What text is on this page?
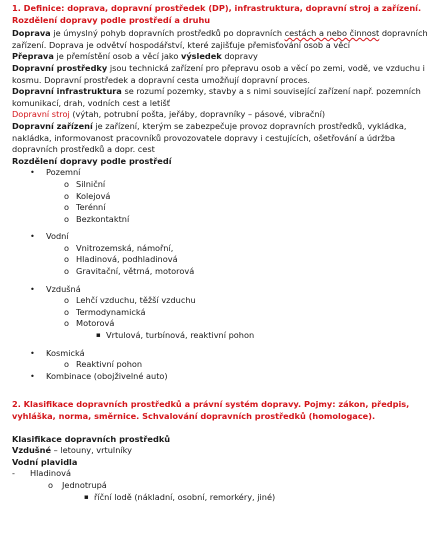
1. Definice: doprava, dopravní prostředek (DP), infrastruktura, dopravní stroj a zařízení. Rozdělení dopravy podle prostředí a druhu

Doprava je úmyslný pohyb dopravních prostředků po dopravních cestách a nebo činnost dopravních zařízení. Doprava je odvětví hospodářství, které zajišťuje přemisťování osob a věcí

Přeprava je přemístění osob a věcí jako výsledek dopravy

Dopravní prostředky jsou technická zařízení pro přepravu osob a věcí po zemi, vodě, ve vzduchu i kosmu. Dopravní prostředek a dopravní cesta umožňují dopravní proces.

Dopravní infrastruktura se rozumí pozemky, stavby a s nimi související zařízení např. pozemních komunikací, drah, vodních cest a letišť

Dopravní stroj (výtah, potrubní pošta, jeřáby, dopravníky – pásové, vibrační)

Dopravní zařízení je zařízení, kterým se zabezpečuje provoz dopravních prostředků, vykládka, nakládka, informovanost pracovníků provozovatele dopravy i cestujících, ošetřování a údržba dopravních prostředků a dopr. cest

Rozdělení dopravy podle prostředí

• Pozemní
o Silniční
o Kolejová
o Terénní
o Bezkontaktní
• Vodní
o Vnitrozemská, námořní,
o Hladinová, podhladinová
o Gravitační, větrná, motorová
• Vzdušná
o Lehčí vzduchu, těžší vzduchu
o Termodynamická
o Motorová
▪ Vrtulová, turbínová, reaktivní pohon
• Kosmická
o Reaktivní pohon
• Kombinace (obojživelné auto)

2. Klasifikace dopravních prostředků a právní systém dopravy. Pojmy: zákon, předpis, vyhláška, norma, směrnice. Schvalování dopravních prostředků (homologace).

Klasifikace dopravních prostředků

Vzdušné – letouny, vrtulníky

Vodní plavidla

- Hladinová

o Jednotrupá

▪ říční lodě (nákladní, osobní, remorkéry, jiné)
